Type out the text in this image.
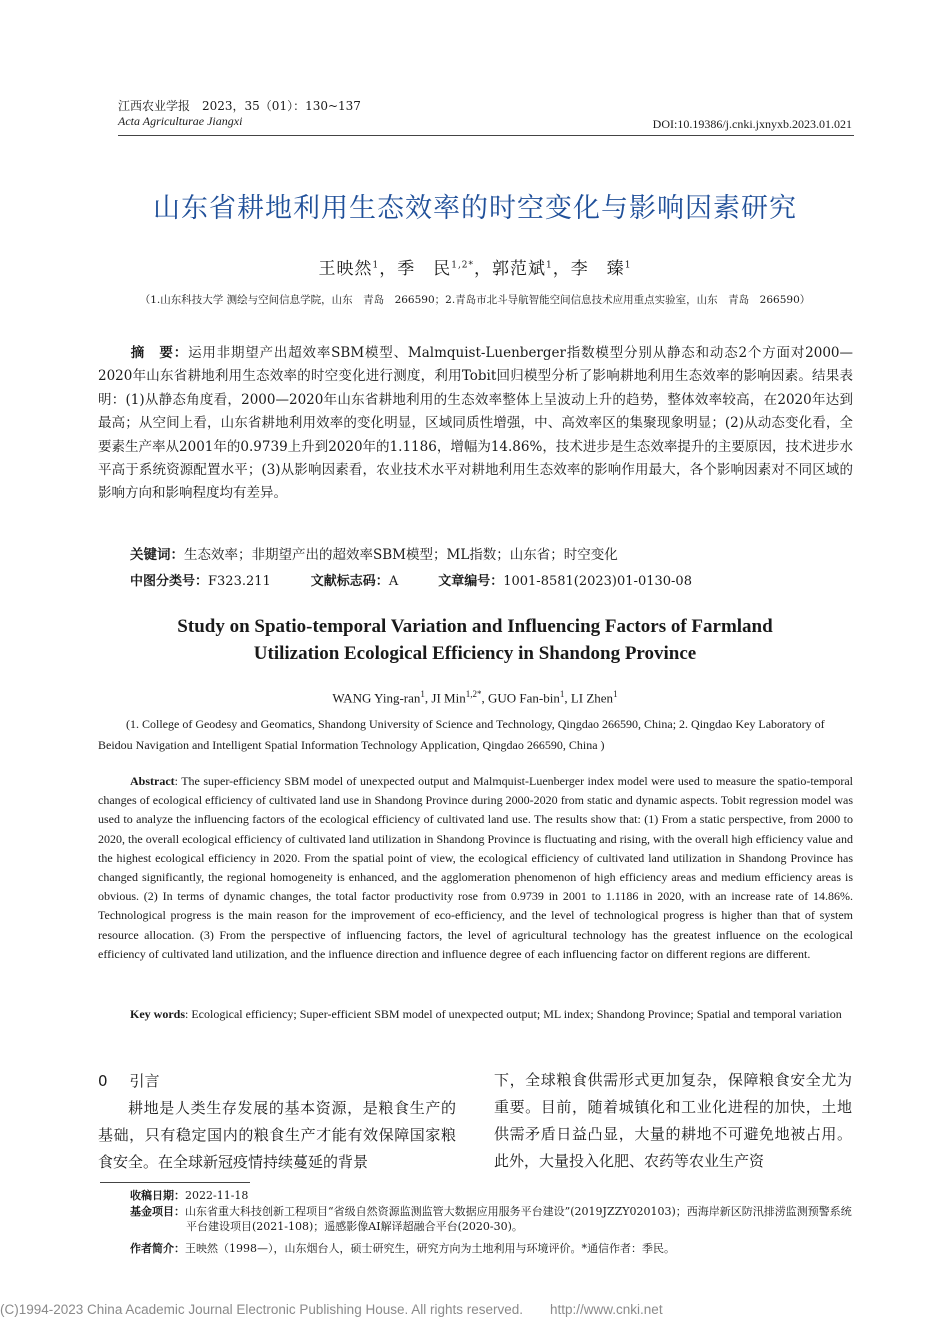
江西农业学报　2023，35（01）：130~137
Acta Agriculturae Jiangxi	DOI:10.19386/j.cnki.jxnyxb.2023.01.021
山东省耕地利用生态效率的时空变化与影响因素研究
王映然$^1$，季　民$^{1,2*}$，郭范斌$^1$，李　臻$^1$
（1.山东科技大学 测绘与空间信息学院，山东　青岛　266590；2.青岛市北斗导航智能空间信息技术应用重点实验室，山东　青岛　266590）
摘　要：运用非期望产出超效率SBM模型、Malmquist-Luenberger指数模型分别从静态和动态2个方面对2000—2020年山东省耕地利用生态效率的时空变化进行测度，利用Tobit回归模型分析了影响耕地利用生态效率的影响因素。结果表明：(1)从静态角度看，2000—2020年山东省耕地利用的生态效率整体上呈波动上升的趋势，整体效率较高，在2020年达到最高；从空间上看，山东省耕地利用效率的变化明显，区域同质性增强，中、高效率区的集聚现象明显；(2)从动态变化看，全要素生产率从2001年的0.9739上升到2020年的1.1186，增幅为14.86%，技术进步是生态效率提升的主要原因，技术进步水平高于系统资源配置水平；(3)从影响因素看，农业技术水平对耕地利用生态效率的影响作用最大，各个影响因素对不同区域的影响方向和影响程度均有差异。
关键词：生态效率；非期望产出的超效率SBM模型；ML指数；山东省；时空变化
中图分类号：F323.211	文献标志码：A	文章编号：1001-8581(2023)01-0130-08
Study on Spatio-temporal Variation and Influencing Factors of Farmland
Utilization Ecological Efficiency in Shandong Province
WANG Ying-ran$^1$, JI Min$^{1,2*}$, GUO Fan-bin$^1$, LI Zhen$^1$
(1. College of Geodesy and Geomatics, Shandong University of Science and Technology, Qingdao 266590, China; 2. Qingdao Key Laboratory of Beidou Navigation and Intelligent Spatial Information Technology Application, Qingdao 266590, China )
Abstract: The super-efficiency SBM model of unexpected output and Malmquist-Luenberger index model were used to measure the spatio-temporal changes of ecological efficiency of cultivated land use in Shandong Province during 2000-2020 from static and dynamic aspects. Tobit regression model was used to analyze the influencing factors of the ecological efficiency of cultivated land use. The results show that: (1) From a static perspective, from 2000 to 2020, the overall ecological efficiency of cultivated land utilization in Shandong Province is fluctuating and rising, with the overall high efficiency value and the highest ecological efficiency in 2020. From the spatial point of view, the ecological efficiency of cultivated land utilization in Shandong Province has changed significantly, the regional homogeneity is enhanced, and the agglomeration phenomenon of high efficiency areas and medium efficiency areas is obvious. (2) In terms of dynamic changes, the total factor productivity rose from 0.9739 in 2001 to 1.1186 in 2020, with an increase rate of 14.86%. Technological progress is the main reason for the improvement of eco-efficiency, and the level of technological progress is higher than that of system resource allocation. (3) From the perspective of influencing factors, the level of agricultural technology has the greatest influence on the ecological efficiency of cultivated land utilization, and the influence direction and influence degree of each influencing factor on different regions are different.
Key words: Ecological efficiency; Super-efficient SBM model of unexpected output; ML index; Shandong Province; Spatial and temporal variation
0 引言
耕地是人类生存发展的基本资源，是粮食生产的基础，只有稳定国内的粮食生产才能有效保障国家粮食安全。在全球新冠疫情持续蔓延的背景
下，全球粮食供需形式更加复杂，保障粮食安全尤为重要。目前，随着城镇化和工业化进程的加快，土地供需矛盾日益凸显，大量的耕地不可避免地被占用。此外，大量投入化肥、农药等农业生产资
收稿日期：2022-11-18
基金项目：山东省重大科技创新工程项目“省级自然资源监测监管大数据应用服务平台建设”(2019JZZY020103)；西海岸新区防汛排涝监测预警系统平台建设项目(2021-108)；遥感影像AI解译超融合平台(2020-30)。
作者简介：王映然（1998—），山东烟台人，硕士研究生，研究方向为土地利用与环境评价。*通信作者：季民。
(C)1994-2023 China Academic Journal Electronic Publishing House. All rights reserved.　　http://www.cnki.net
